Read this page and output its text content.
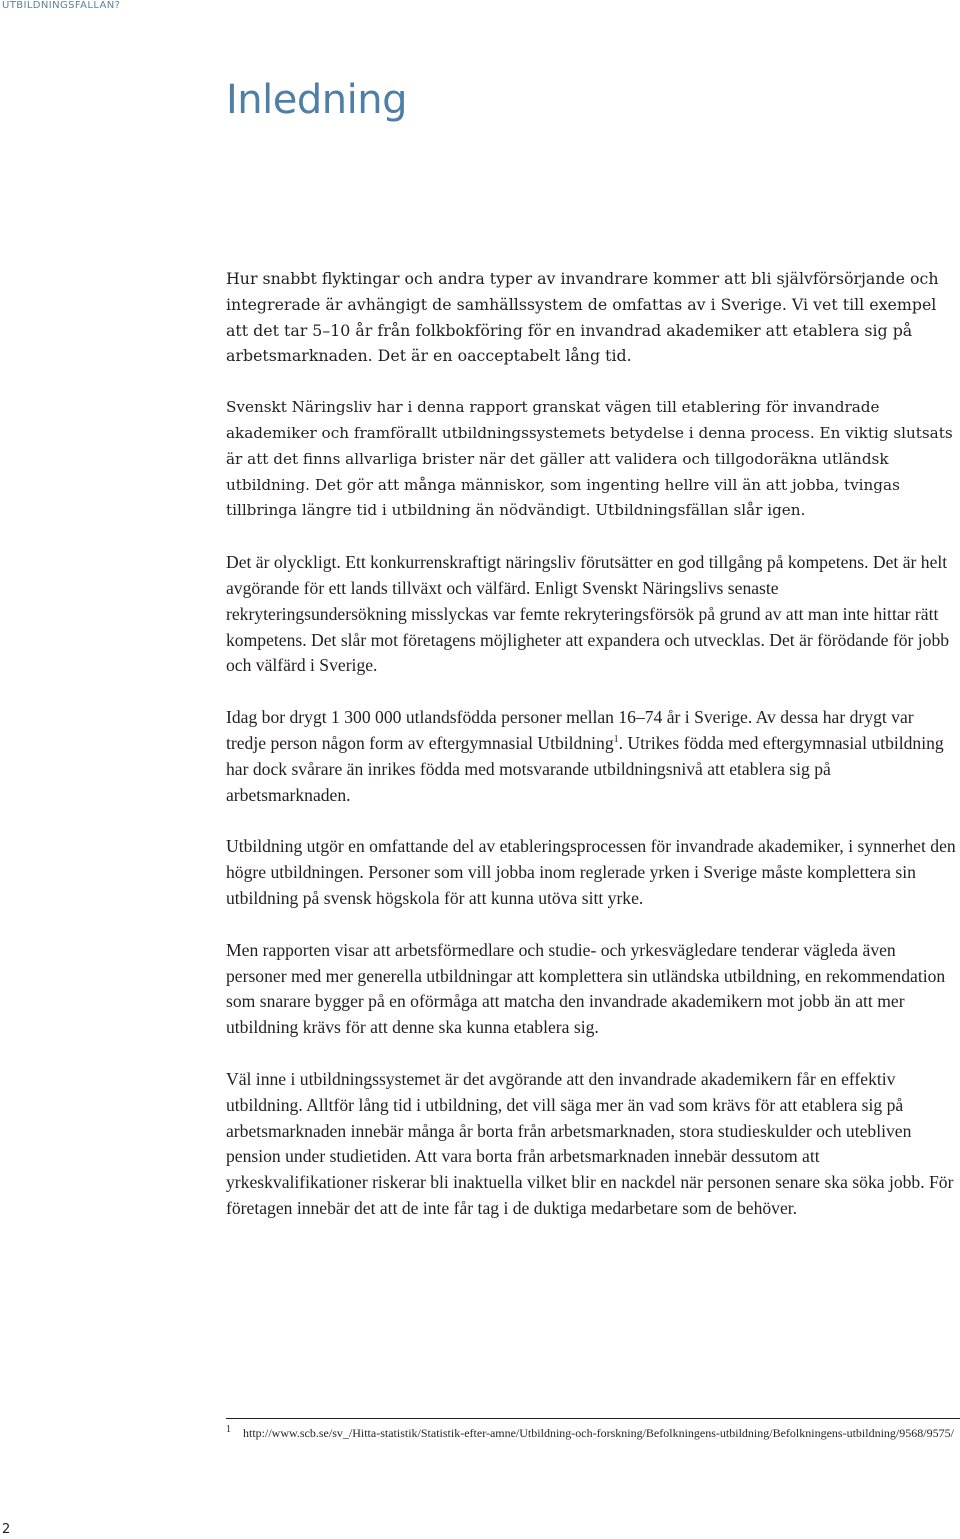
UTBILDNINGSFÄLLAN?
Inledning

Hur snabbt flyktingar och andra typer av invandrare kommer att bli självförsörjande och integrerade är avhängigt de samhällssystem de omfattas av i Sverige. Vi vet till exempel att det tar 5–10 år från folkbokföring för en invandrad akademiker att etablera sig på arbetsmarknaden. Det är en oacceptabelt lång tid.

Svenskt Näringsliv har i denna rapport granskat vägen till etablering för invandrade akademiker och framförallt utbildningssystemets betydelse i denna process. En viktig slutsats är att det finns allvarliga brister när det gäller att validera och tillgodoräkna utländsk utbildning. Det gör att många människor, som ingenting hellre vill än att jobba, tvingas tillbringa längre tid i utbildning än nödvändigt. Utbildningsfällan slår igen.

Det är olyckligt. Ett konkurrenskraftigt näringsliv förutsätter en god tillgång på kompetens. Det är helt avgörande för ett lands tillväxt och välfärd. Enligt Svenskt Näringslivs senaste rekryteringsundersökning misslyckas var femte rekryteringsförsök på grund av att man inte hittar rätt kompetens. Det slår mot företagens möjligheter att expandera och utvecklas. Det är förödande för jobb och välfärd i Sverige.

Idag bor drygt 1 300 000 utlandsfödda personer mellan 16–74 år i Sverige. Av dessa har drygt var tredje person någon form av eftergymnasial Utbildning$^1$. Utrikes födda med eftergymnasial utbildning har dock svårare än inrikes födda med motsvarande utbildningsnivå att etablera sig på arbetsmarknaden.

Utbildning utgör en omfattande del av etableringsprocessen för invandrade akademiker, i synnerhet den högre utbildningen. Personer som vill jobba inom reglerade yrken i Sverige måste komplettera sin utbildning på svensk högskola för att kunna utöva sitt yrke.

Men rapporten visar att arbetsförmedlare och studie- och yrkesvägledare tenderar vägleda även personer med mer generella utbildningar att komplettera sin utländska utbildning, en rekommendation som snarare bygger på en oförmåga att matcha den invandrade akademikern mot jobb än att mer utbildning krävs för att denne ska kunna etablera sig.

Väl inne i utbildningssystemet är det avgörande att den invandrade akademikern får en effektiv utbildning. Alltför lång tid i utbildning, det vill säga mer än vad som krävs för att etablera sig på arbetsmarknaden innebär många år borta från arbetsmarknaden, stora studieskulder och utebliven pension under studietiden. Att vara borta från arbetsmarknaden innebär dessutom att yrkeskvalifikationer riskerar bli inaktuella vilket blir en nackdel när personen senare ska söka jobb. För företagen innebär det att de inte får tag i de duktiga medarbetare som de behöver.

$^1$ http://www.scb.se/sv_/Hitta-statistik/Statistik-efter-amne/Utbildning-och-forskning/Befolkningens-utbildning/Befolkningens-utbildning/9568/9575/
2
